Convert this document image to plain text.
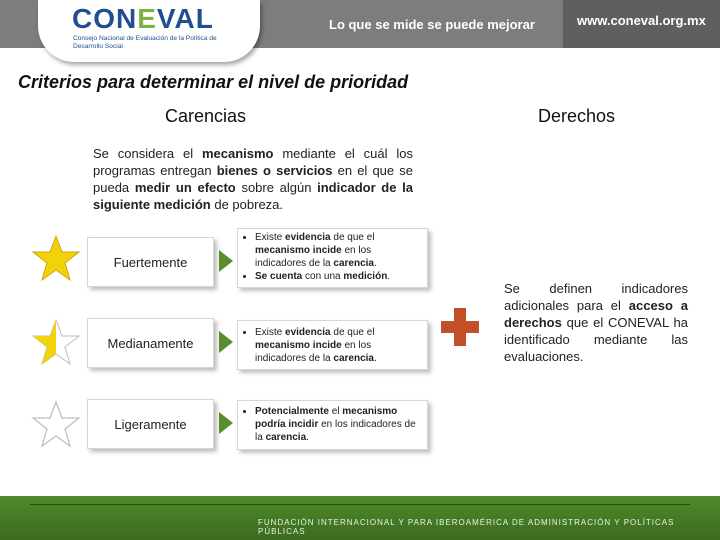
CONEVAL
Consejo Nacional de Evaluación de la Política de Desarrollo Social
Lo que se mide se puede mejorar	www.coneval.org.mx
Criterios para determinar el nivel de prioridad
Carencias	Derechos
Se considera el mecanismo mediante el cuál los programas entregan bienes o servicios en el que se pueda medir un efecto sobre algún indicador de la siguiente medición de pobreza.
Fuertemente
Medianamente
Ligeramente
• Existe evidencia de que el mecanismo incide en los indicadores de la carencia.
• Se cuenta con una medición.
• Existe evidencia de que el mecanismo incide en los indicadores de la carencia.
• Potencialmente el mecanismo podría incidir en los indicadores de la carencia.
Se definen indicadores adicionales para el acceso a derechos que el CONEVAL ha identificado mediante las evaluaciones.
FUNDACIÓN INTERNACIONAL Y PARA IBEROAMÉRICA DE ADMINISTRACIÓN Y POLÍTICAS PÚBLICAS
